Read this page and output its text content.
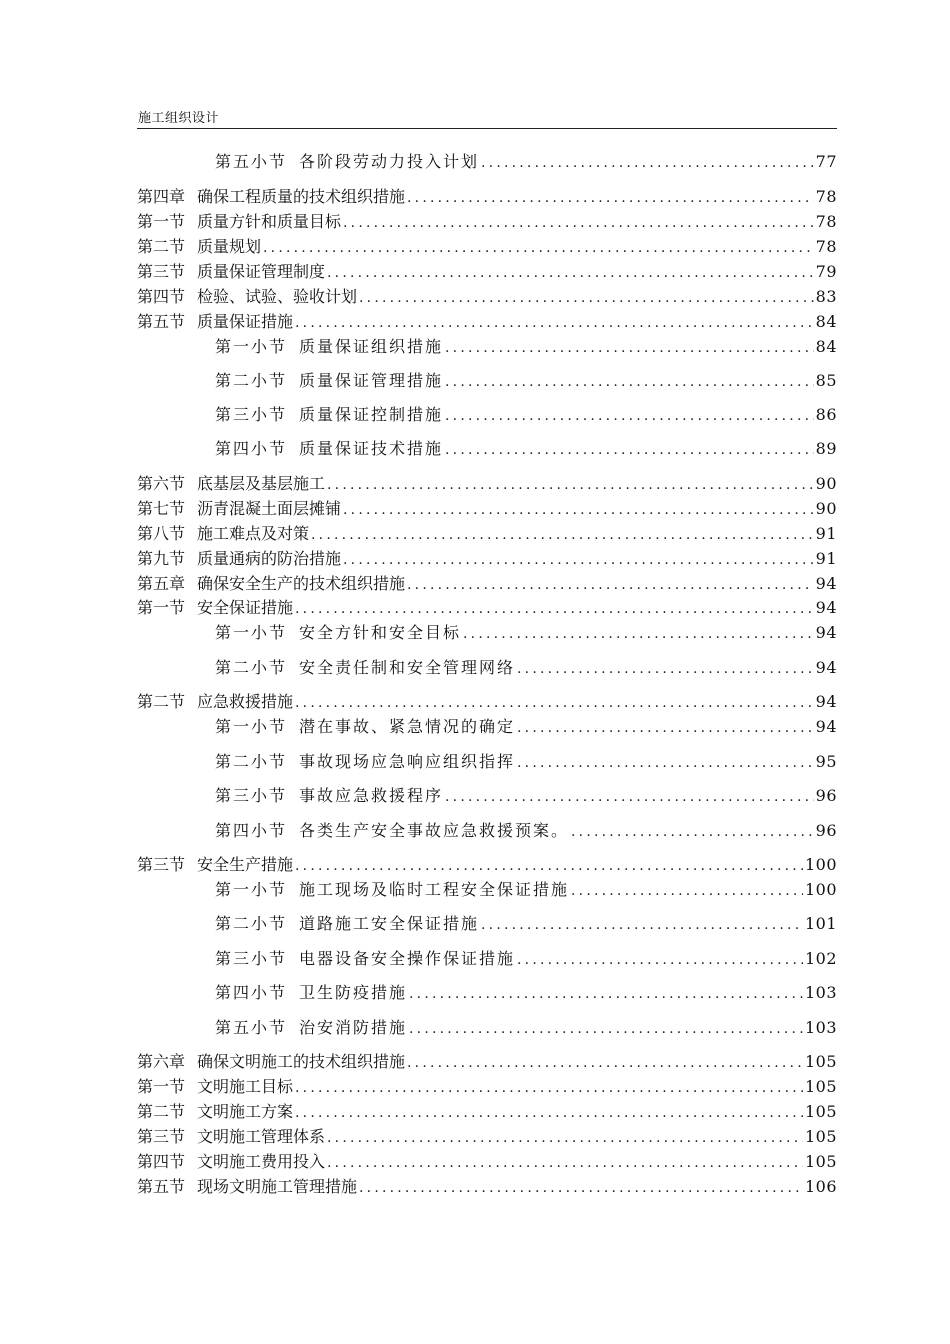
施工组织设计
第五小节 各阶段劳动力投入计划 .....	77
第四章 确保工程质量的技术组织措施 .....	78
第一节 质量方针和质量目标 .....	78
第二节 质量规划 .....	78
第三节 质量保证管理制度 .....	79
第四节 检验、试验、验收计划 .....	83
第五节 质量保证措施 .....	84
第一小节 质量保证组织措施 .....	84
第二小节 质量保证管理措施 .....	85
第三小节 质量保证控制措施 .....	86
第四小节 质量保证技术措施 .....	89
第六节 底基层及基层施工 .....	90
第七节 沥青混凝土面层摊铺 .....	90
第八节 施工难点及对策 .....	91
第九节 质量通病的防治措施 .....	91
第五章 确保安全生产的技术组织措施 .....	94
第一节 安全保证措施 .....	94
第一小节 安全方针和安全目标 .....	94
第二小节 安全责任制和安全管理网络 .....	94
第二节 应急救援措施 .....	94
第一小节 潜在事故、紧急情况的确定 .....	94
第二小节 事故现场应急响应组织指挥 .....	95
第三小节 事故应急救援程序 .....	96
第四小节 各类生产安全事故应急救援预案。 .....	96
第三节 安全生产措施 .....	100
第一小节 施工现场及临时工程安全保证措施 .....	100
第二小节 道路施工安全保证措施 .....	101
第三小节 电器设备安全操作保证措施 .....	102
第四小节 卫生防疫措施 .....	103
第五小节 治安消防措施 .....	103
第六章 确保文明施工的技术组织措施 .....	105
第一节 文明施工目标 .....	105
第二节 文明施工方案 .....	105
第三节 文明施工管理体系 .....	105
第四节 文明施工费用投入 .....	105
第五节 现场文明施工管理措施 .....	106
